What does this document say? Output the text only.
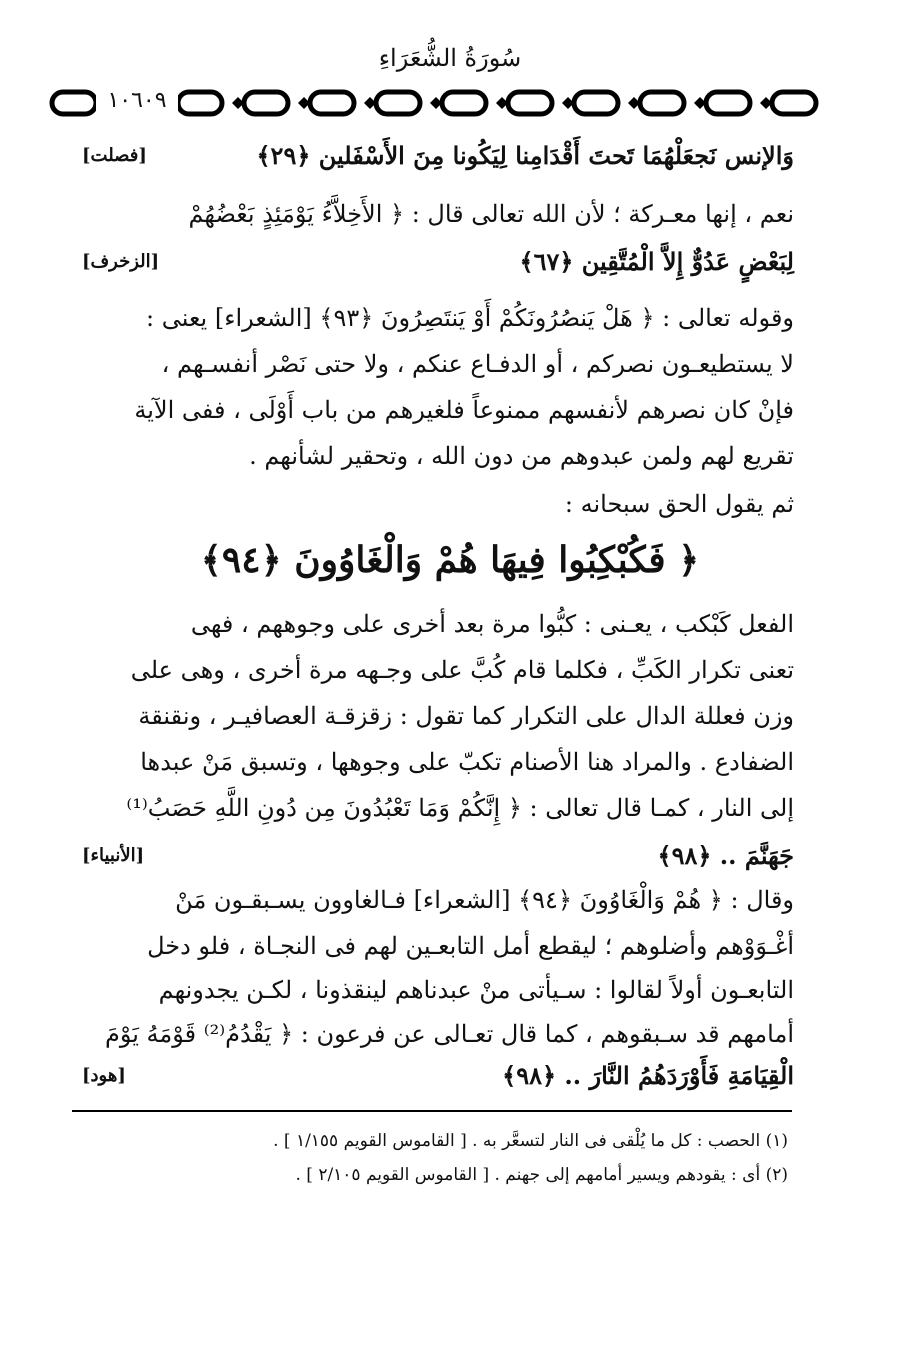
سُورَةُ الشُّعَرَاءِ
١٠٦٠٩
وَالإنس نَجعَلْهُمَا تَحتَ أَقْدَامِنا لِيَكُونا مِنَ الأَسْفَلين ﴿٢٩﴾
[فصلت]
نعم ، إنها معـركة ؛ لأن الله تعالى قال : ﴿ الأَخِلاَّءُ يَوْمَئِذٍ بَعْضُهُمْ
لِبَعْضٍ عَدُوٌّ إِلاَّ الْمُتَّقِين ﴿٦٧﴾
[الزخرف]
وقوله تعالى : ﴿ هَلْ يَنصُرُونَكُمْ أَوْ يَنتَصِرُونَ ﴿٩٣﴾ [الشعراء] يعنى :
لا يستطيعـون نصركم ، أو الدفـاع عنكم ، ولا حتى نَصْر أنفسـهم ،
فإنْ كان نصرهم لأنفسهم ممنوعاً فلغيرهم من باب أَوْلَى ، ففى الآية
تقريع لهم ولمن عبدوهم من دون الله ، وتحقير لشأنهم .
ثم يقول الحق سبحانه :
﴿ فَكُبْكِبُوا فِيهَا هُمْ وَالْغَاوُونَ ﴿٩٤﴾
الفعل كَبْكب ، يعـنى : كبُّوا مرة بعد أخرى على وجوههم ، فهى
تعنى تكرار الكَبِّ ، فكلما قام كُبَّ على وجـهه مرة أخرى ، وهى على
وزن فعللة الدال على التكرار كما تقول : زقزقـة العصافيـر ، ونقنقة
الضفادع . والمراد هنا الأصنام تكبّ على وجوهها ، وتسبق مَنْ عبدها
إلى النار ، كمـا قال تعالى : ﴿ إِنَّكُمْ وَمَا تَعْبُدُونَ مِن دُونِ اللَّهِ حَصَبُ⁽¹⁾
جَهَنَّمَ .. ﴿٩٨﴾
[الأنبياء]
وقال : ﴿ هُمْ وَالْغَاوُونَ ﴿٩٤﴾ [الشعراء] فـالغاوون يسـبقـون مَنْ
أغْـوَوْهم وأضلوهم ؛ ليقطع أمل التابعـين لهم فى النجـاة ، فلو دخل
التابعـون أولاً لقالوا : سـيأتى منْ عبدناهم لينقذونا ، لكـن يجدونهم
أمامهم قد سـبقوهم ، كما قال تعـالى عن فرعون : ﴿ يَقْدُمُ⁽²⁾ قَوْمَهُ يَوْمَ
الْقِيَامَةِ فَأَوْرَدَهُمُ النَّارَ .. ﴿٩٨﴾
[هود]
(١) الحصب : كل ما يُلْقى فى النار لتسعَّر به . [ القاموس القويم ١/١٥٥ ] .
(٢) أى : يقودهم ويسير أمامهم إلى جهنم . [ القاموس القويم ٢/١٠٥ ] .
